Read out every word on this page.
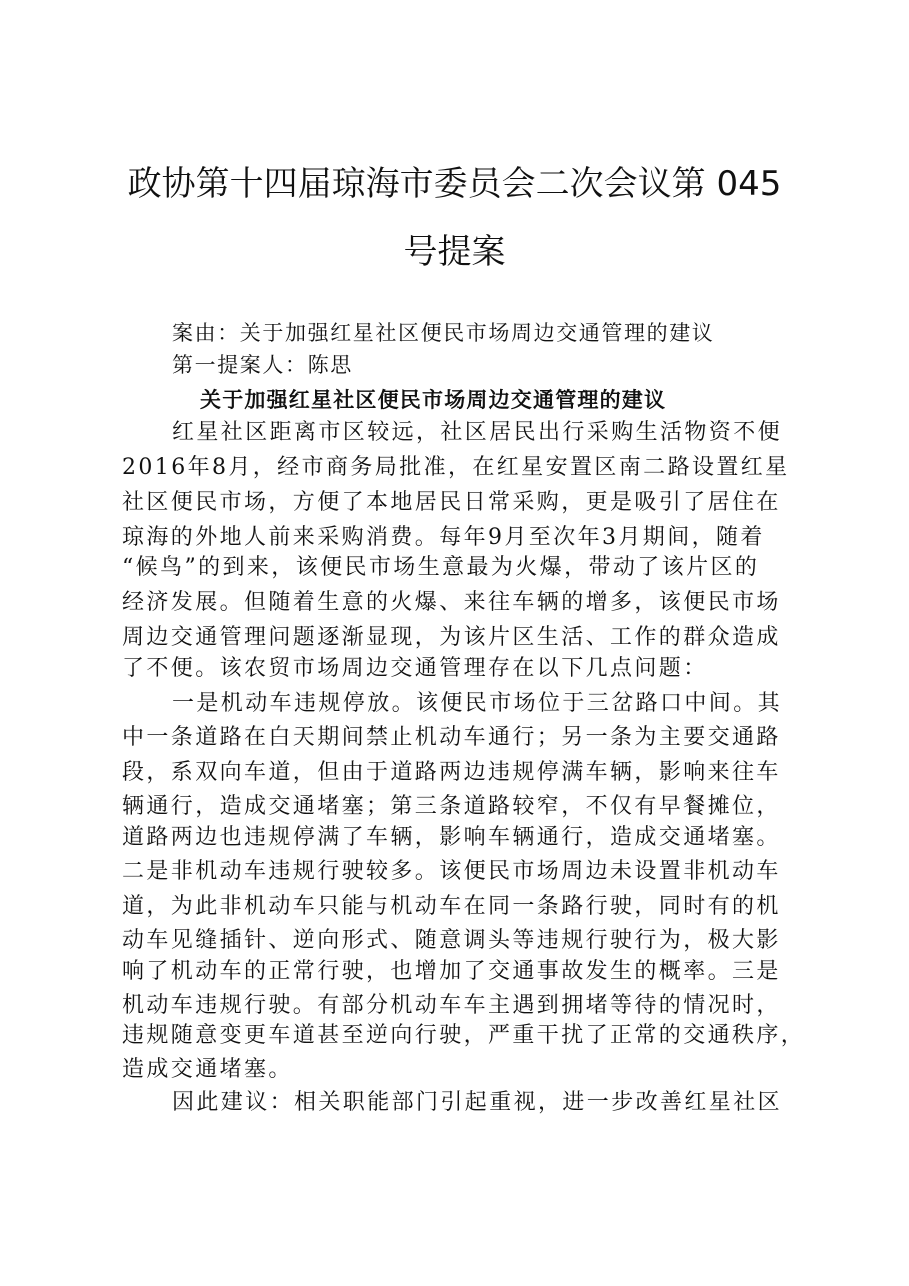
政协第十四届琼海市委员会二次会议第 045
号提案
案由：关于加强红星社区便民市场周边交通管理的建议
第一提案人：陈思
关于加强红星社区便民市场周边交通管理的建议
红星社区距离市区较远，社区居民出行采购生活物资不便
2016年8月，经市商务局批准，在红星安置区南二路设置红星
社区便民市场，方便了本地居民日常采购，更是吸引了居住在
琼海的外地人前来采购消费。每年9月至次年3月期间，随着
“候鸟”的到来，该便民市场生意最为火爆，带动了该片区的
经济发展。但随着生意的火爆、来往车辆的增多，该便民市场
周边交通管理问题逐渐显现，为该片区生活、工作的群众造成
了不便。该农贸市场周边交通管理存在以下几点问题：
一是机动车违规停放。该便民市场位于三岔路口中间。其
中一条道路在白天期间禁止机动车通行；另一条为主要交通路
段，系双向车道，但由于道路两边违规停满车辆，影响来往车
辆通行，造成交通堵塞；第三条道路较窄，不仅有早餐摊位，
道路两边也违规停满了车辆，影响车辆通行，造成交通堵塞。
二是非机动车违规行驶较多。该便民市场周边未设置非机动车
道，为此非机动车只能与机动车在同一条路行驶，同时有的机
动车见缝插针、逆向形式、随意调头等违规行驶行为，极大影
响了机动车的正常行驶，也增加了交通事故发生的概率。三是
机动车违规行驶。有部分机动车车主遇到拥堵等待的情况时，
违规随意变更车道甚至逆向行驶，严重干扰了正常的交通秩序，
造成交通堵塞。
因此建议：相关职能部门引起重视，进一步改善红星社区
